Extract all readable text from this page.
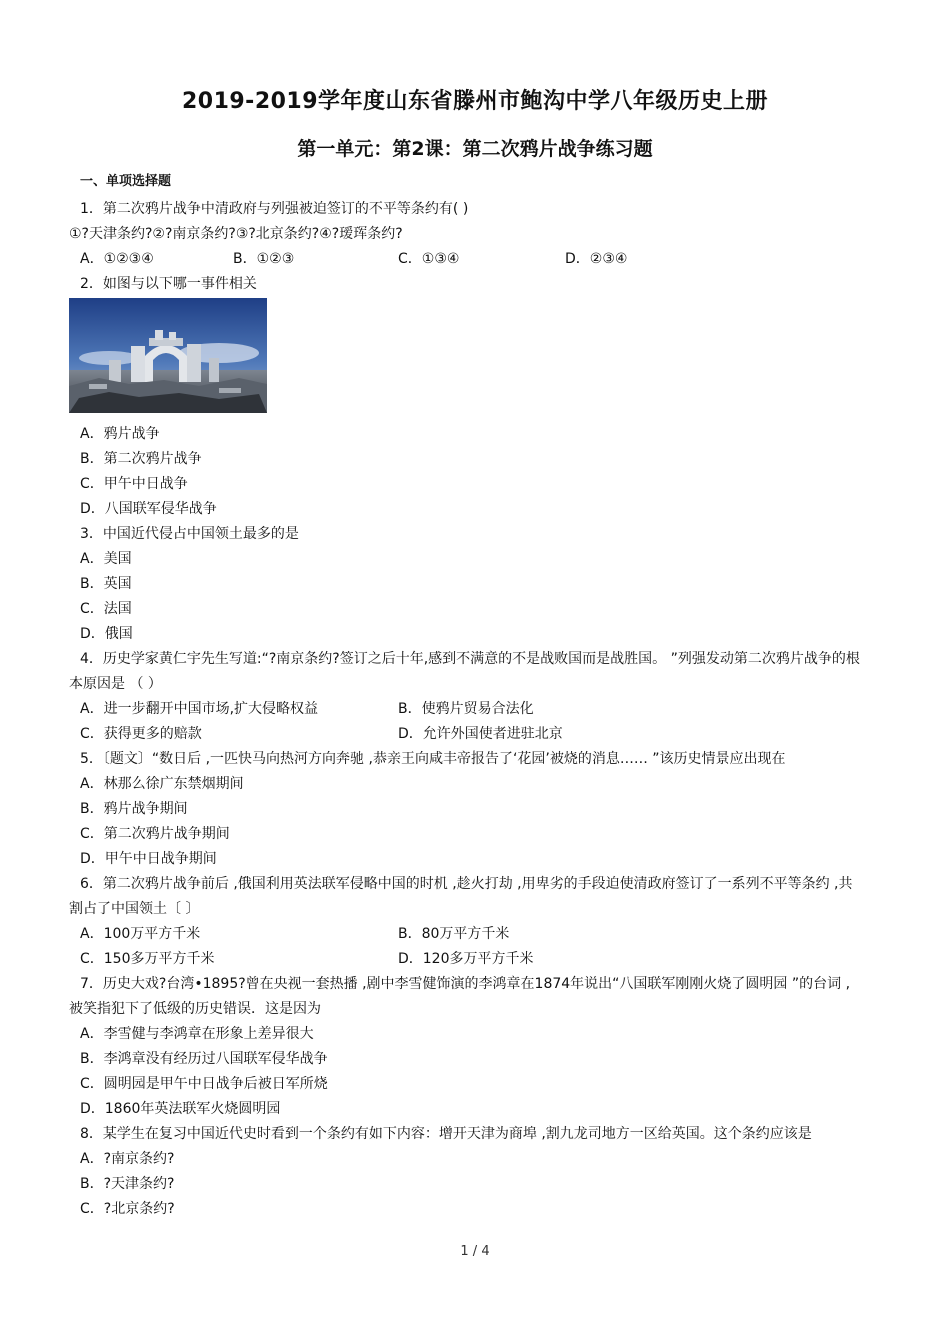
2019-2019学年度山东省滕州市鲍沟中学八年级历史上册
第一单元：第2课：第二次鸦片战争练习题
一、单项选择题
1．第二次鸦片战争中清政府与列强被迫签订的不平等条约有( )
①?天津条约?②?南京条约?③?北京条约?④?瑷珲条约?
A．①②③④	B．①②③	C．①③④	D．②③④
2．如图与以下哪一事件相关
A．鸦片战争
B．第二次鸦片战争
C．甲午中日战争
D．八国联军侵华战争
3．中国近代侵占中国领土最多的是
A．美国
B．英国
C．法国
D．俄国
4．历史学家黄仁宇先生写道:“?南京条约?签订之后十年,感到不满意的不是战败国而是战胜国。 ”列强发动第二次鸦片战争的根
本原因是 （ ）
A．进一步翻开中国市场,扩大侵略权益	B．使鸦片贸易合法化
C．获得更多的赔款	D．允许外国使者进驻北京
5．〔题文〕“数日后 ,一匹快马向热河方向奔驰 ,恭亲王向咸丰帝报告了‘花园’被烧的消息…… ”该历史情景应出现在
A．林那么徐广东禁烟期间
B．鸦片战争期间
C．第二次鸦片战争期间
D．甲午中日战争期间
6．第二次鸦片战争前后 ,俄国利用英法联军侵略中国的时机 ,趁火打劫 ,用卑劣的手段迫使清政府签订了一系列不平等条约 ,共
割占了中国领土〔 〕
A．100万平方千米	B．80万平方千米
C．150多万平方千米	D．120多万平方千米
7．历史大戏?台湾•1895?曾在央视一套热播 ,剧中李雪健饰演的李鸿章在1874年说出“八国联军刚刚火烧了圆明园 ”的台词 ,
被笑指犯下了低级的历史错误．这是因为
A．李雪健与李鸿章在形象上差异很大
B．李鸿章没有经历过八国联军侵华战争
C．圆明园是甲午中日战争后被日军所烧
D．1860年英法联军火烧圆明园
8．某学生在复习中国近代史时看到一个条约有如下内容：增开天津为商埠 ,割九龙司地方一区给英国。这个条约应该是
A．?南京条约?
B．?天津条约?
C．?北京条约?
1 / 4
